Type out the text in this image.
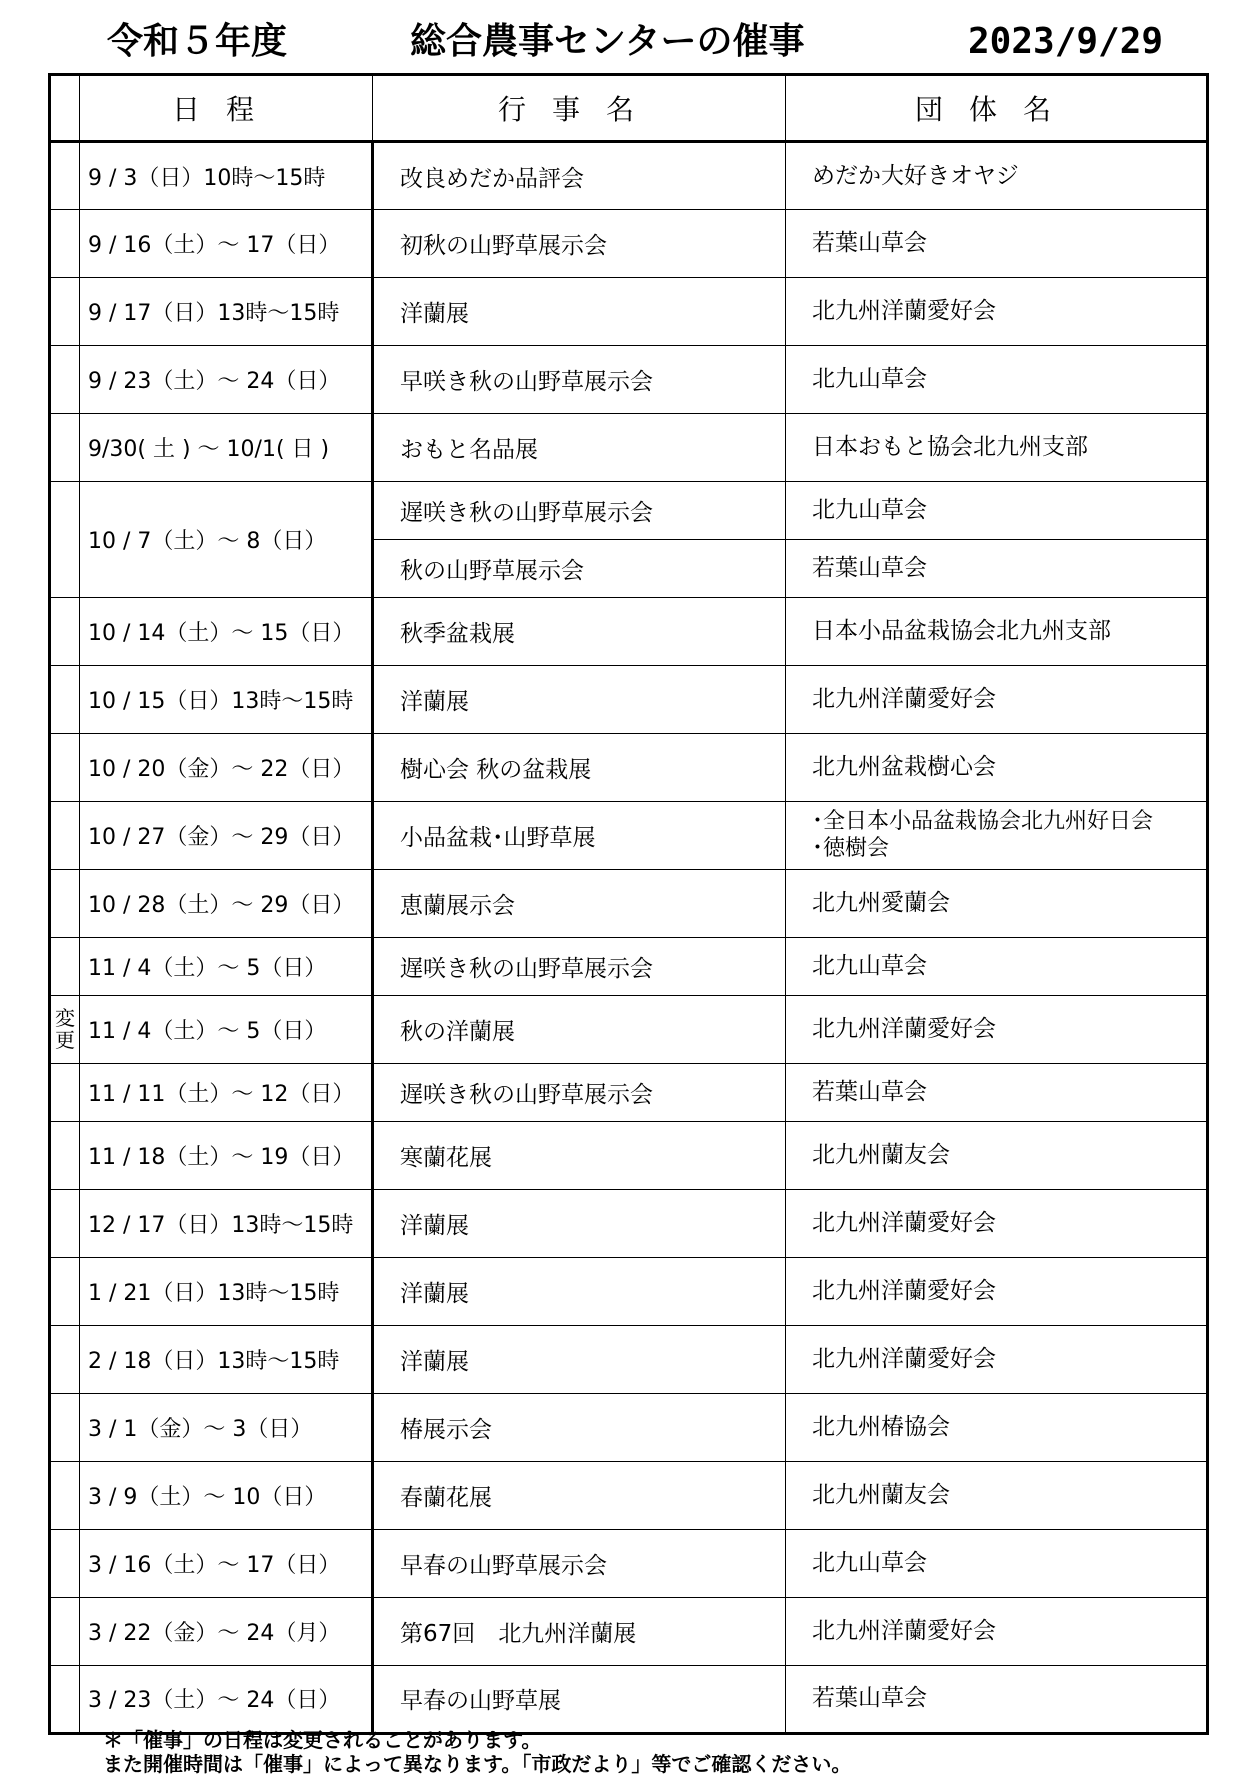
令和５年度	総合農事センターの催事	2023/9/29
	日程	行事名	団体名
	9 / 3（日）10時～15時	改良めだか品評会	めだか大好きオヤジ
	9 / 16（土）～ 17（日）	初秋の山野草展示会	若葉山草会
	9 / 17（日）13時～15時	洋蘭展	北九州洋蘭愛好会
	9 / 23（土）～ 24（日）	早咲き秋の山野草展示会	北九山草会
	9/30( 土 ) ～ 10/1( 日 )	おもと名品展	日本おもと協会北九州支部
	10 / 7（土）～ 8（日）	遅咲き秋の山野草展示会	北九山草会
		秋の山野草展示会	若葉山草会
	10 / 14（土）～ 15（日）	秋季盆栽展	日本小品盆栽協会北九州支部
	10 / 15（日）13時～15時	洋蘭展	北九州洋蘭愛好会
	10 / 20（金）～ 22（日）	樹心会 秋の盆栽展	北九州盆栽樹心会
	10 / 27（金）～ 29（日）	小品盆栽･山野草展	･全日本小品盆栽協会北九州好日会
･徳樹会

	10 / 28（土）～ 29（日）	恵蘭展示会	北九州愛蘭会
	11 / 4（土）～ 5（日）	遅咲き秋の山野草展示会	北九山草会
変更	11 / 4（土）～ 5（日）	秋の洋蘭展	北九州洋蘭愛好会
	11 / 11（土）～ 12（日）	遅咲き秋の山野草展示会	若葉山草会
	11 / 18（土）～ 19（日）	寒蘭花展	北九州蘭友会
	12 / 17（日）13時～15時	洋蘭展	北九州洋蘭愛好会
	1 / 21（日）13時～15時	洋蘭展	北九州洋蘭愛好会
	2 / 18（日）13時～15時	洋蘭展	北九州洋蘭愛好会
	3 / 1（金）～ 3（日）	椿展示会	北九州椿協会
	3 / 9（土）～ 10（日）	春蘭花展	北九州蘭友会
	3 / 16（土）～ 17（日）	早春の山野草展示会	北九山草会
	3 / 22（金）～ 24（月）	第67回　北九州洋蘭展	北九州洋蘭愛好会
	3 / 23（土）～ 24（日）	早春の山野草展	若葉山草会
＊「催事」の日程は変更されることがあります。
また開催時間は「催事」によって異なります。「市政だより」等でご確認ください。
